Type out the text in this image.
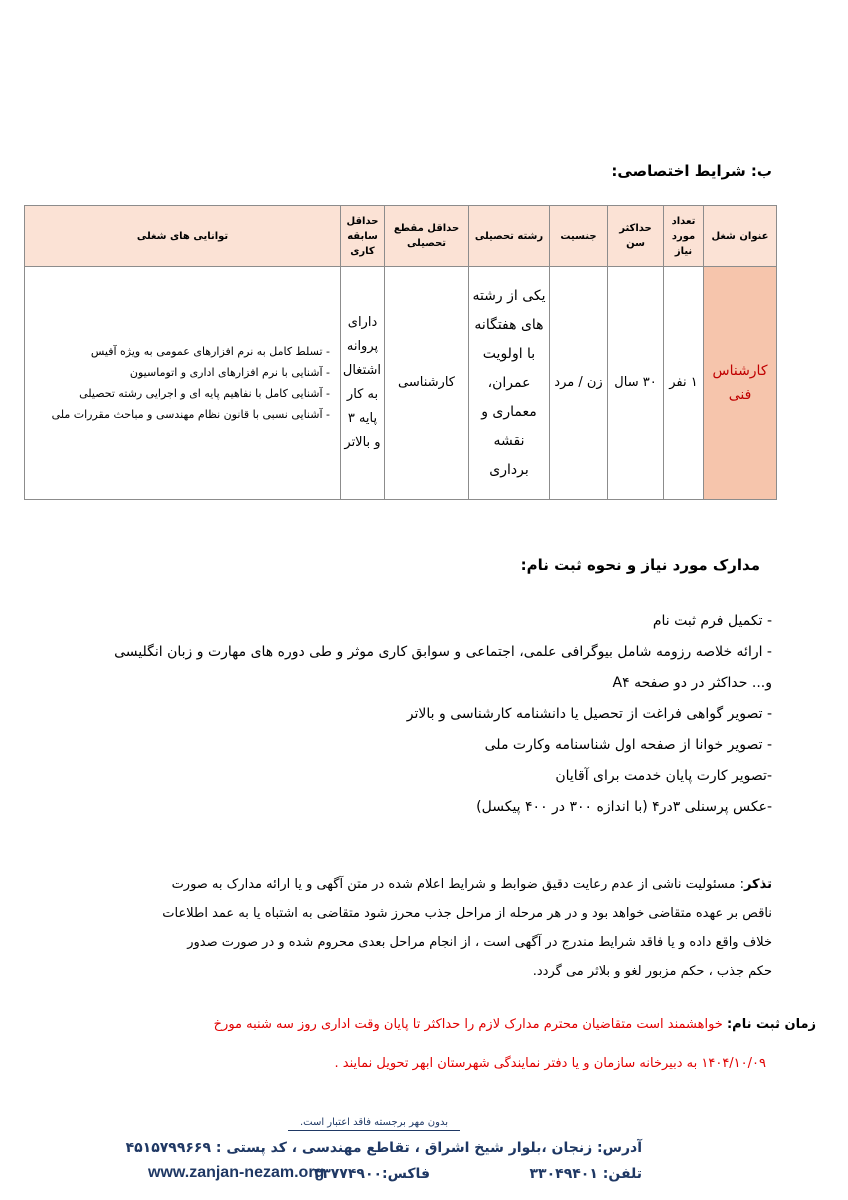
ب: شرایط اختصاصی:
عنوان شغل	تعداد مورد نیاز	حداکثر سن	جنسیت	رشته تحصیلی	حداقل مقطع تحصیلی	حداقل سابقه کاری	توانایی های شغلی
کارشناس فنی	۱ نفر	۳۰ سال	زن / مرد	یکی از رشته های هفتگانه با اولویت عمران، معماری و نقشه برداری	کارشناسی	دارای پروانه اشتغال به کار پایه ۳ و بالاتر	- تسلط کامل به نرم افزارهای عمومی به ویژه آفیس
- آشنایی با نرم افزارهای اداری و اتوماسیون
- آشنایی کامل با نفاهیم پایه ای و اجرایی رشته تحصیلی
- آشنایی نسبی با قانون نظام مهندسی و مباحث مقررات ملی
مدارک مورد نیاز و نحوه ثبت نام:
- تکمیل فرم ثبت نام
- ارائه خلاصه رزومه شامل بیوگرافی علمی، اجتماعی و سوابق کاری موثر و طی دوره های مهارت و زبان انگلیسی
و... حداکثر در دو صفحه A۴
- تصویر گواهی فراغت از تحصیل یا دانشنامه کارشناسی و بالاتر
- تصویر خوانا از صفحه اول شناسنامه وکارت ملی
-تصویر کارت پایان خدمت برای آقایان
-عکس پرسنلی ۳در۴ (با اندازه ۳۰۰ در ۴۰۰ پیکسل)
تذکر: مسئولیت ناشی از عدم رعایت دقیق ضوابط و شرایط اعلام شده در متن آگهی و یا ارائه مدارک به صورت
ناقص بر عهده متقاضی خواهد بود و در هر مرحله از مراحل جذب محرز شود متقاضی به اشتباه یا به عمد اطلاعات
خلاف واقع داده و یا فاقد شرایط مندرج در آگهی است ، از انجام مراحل بعدی محروم شده و در صورت صدور
حکم جذب ، حکم مزبور لغو و بلاثر می گردد.
زمان ثبت نام: خواهشمند است متقاضیان محترم مدارک لازم را حداکثر تا پایان وقت اداری روز سه شنبه مورخ
۱۴۰۴/۱۰/۰۹ به دبیرخانه سازمان و یا دفتر نمایندگی شهرستان ابهر تحویل نمایند .
بدون مهر برجسته فاقد اعتبار است.
آدرس: زنجان ،بلوار شیخ اشراق ، تقاطع مهندسی ، کد پستی : ۴۵۱۵۷۹۹۶۶۹
تلفن: ۳۳۰۴۹۴۰۱
فاکس:۳۳۷۷۴۹۰۰
www.zanjan-nezam.org
